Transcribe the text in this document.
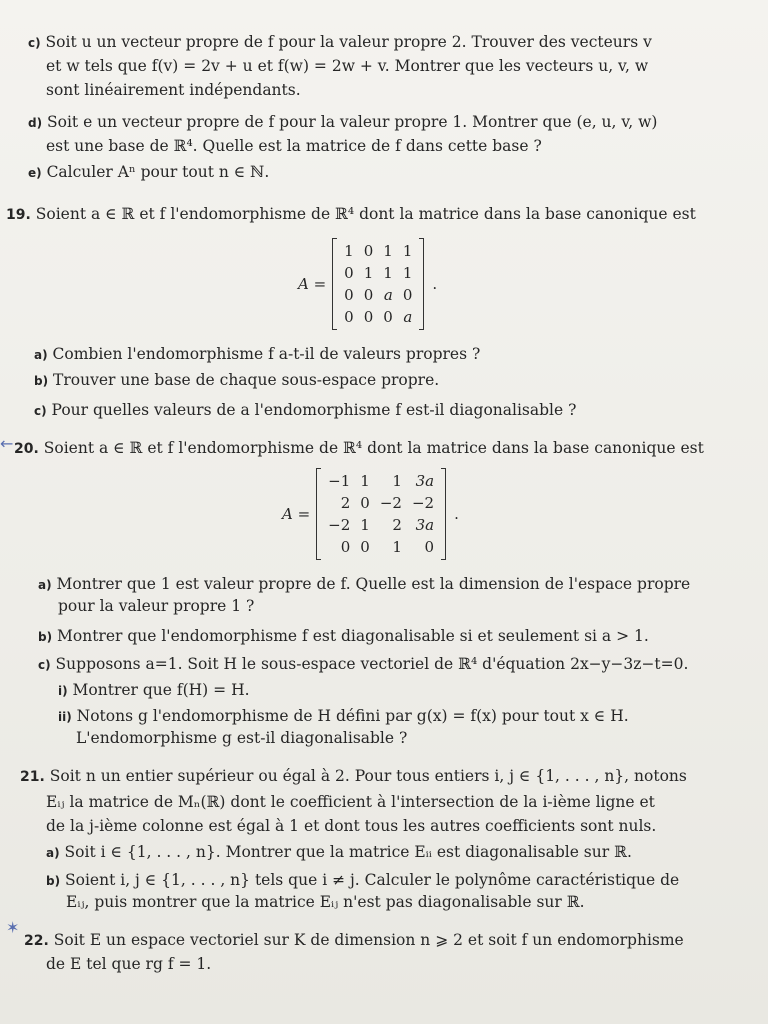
c) Soit u un vecteur propre de f pour la valeur propre 2. Trouver des vecteurs v
et w tels que f(v) = 2v + u et f(w) = 2w + v. Montrer que les vecteurs u, v, w
sont linéairement indépendants.
d) Soit e un vecteur propre de f pour la valeur propre 1. Montrer que (e, u, v, w)
est une base de ℝ⁴. Quelle est la matrice de f dans cette base ?
e) Calculer Aⁿ pour tout n ∈ ℕ.
19. Soient a ∈ ℝ et f l'endomorphisme de ℝ⁴ dont la matrice dans la base canonique est
A =
1	0	1	1
0	1	1	1
0	0	a	0
0	0	0	a
.
a) Combien l'endomorphisme f a-t-il de valeurs propres ?
b) Trouver une base de chaque sous-espace propre.
c) Pour quelles valeurs de a l'endomorphisme f est-il diagonalisable ?
← 20. Soient a ∈ ℝ et f l'endomorphisme de ℝ⁴ dont la matrice dans la base canonique est
A =
−1	1	1	3a
2	0	−2	−2
−2	1	2	3a
0	0	1	0
.
a) Montrer que 1 est valeur propre de f. Quelle est la dimension de l'espace propre
pour la valeur propre 1 ?
b) Montrer que l'endomorphisme f est diagonalisable si et seulement si a > 1.
c) Supposons a=1. Soit H le sous-espace vectoriel de ℝ⁴ d'équation 2x−y−3z−t=0.
i) Montrer que f(H) = H.
ii) Notons g l'endomorphisme de H défini par g(x) = f(x) pour tout x ∈ H.
L'endomorphisme g est-il diagonalisable ?
21. Soit n un entier supérieur ou égal à 2. Pour tous entiers i, j ∈ {1, . . . , n}, notons
Eᵢⱼ la matrice de Mₙ(ℝ) dont le coefficient à l'intersection de la i-ième ligne et
de la j-ième colonne est égal à 1 et dont tous les autres coefficients sont nuls.
a) Soit i ∈ {1, . . . , n}. Montrer que la matrice Eᵢᵢ est diagonalisable sur ℝ.
b) Soient i, j ∈ {1, . . . , n} tels que i ≠ j. Calculer le polynôme caractéristique de
Eᵢⱼ, puis montrer que la matrice Eᵢⱼ n'est pas diagonalisable sur ℝ.
✶
22. Soit E un espace vectoriel sur K de dimension n ⩾ 2 et soit f un endomorphisme
de E tel que rg f = 1.
